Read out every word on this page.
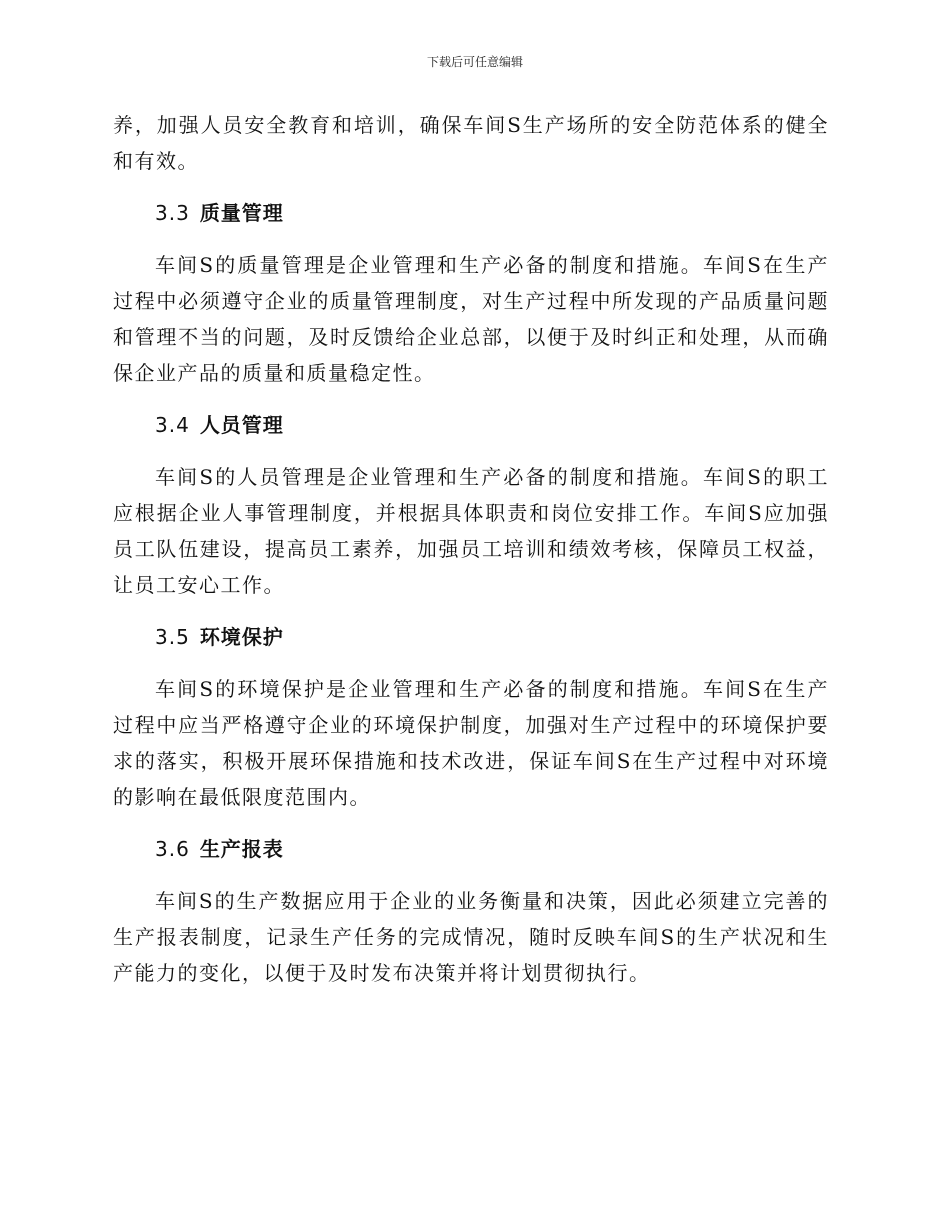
下载后可任意编辑

养，加强人员安全教育和培训，确保车间S生产场所的安全防范体系的健全和有效。

3.3 质量管理

车间S的质量管理是企业管理和生产必备的制度和措施。车间S在生产过程中必须遵守企业的质量管理制度，对生产过程中所发现的产品质量问题和管理不当的问题，及时反馈给企业总部，以便于及时纠正和处理，从而确保企业产品的质量和质量稳定性。

3.4 人员管理

车间S的人员管理是企业管理和生产必备的制度和措施。车间S的职工应根据企业人事管理制度，并根据具体职责和岗位安排工作。车间S应加强员工队伍建设，提高员工素养，加强员工培训和绩效考核，保障员工权益，让员工安心工作。

3.5 环境保护

车间S的环境保护是企业管理和生产必备的制度和措施。车间S在生产过程中应当严格遵守企业的环境保护制度，加强对生产过程中的环境保护要求的落实，积极开展环保措施和技术改进，保证车间S在生产过程中对环境的影响在最低限度范围内。

3.6 生产报表

车间S的生产数据应用于企业的业务衡量和决策，因此必须建立完善的生产报表制度，记录生产任务的完成情况，随时反映车间S的生产状况和生产能力的变化，以便于及时发布决策并将计划贯彻执行。
